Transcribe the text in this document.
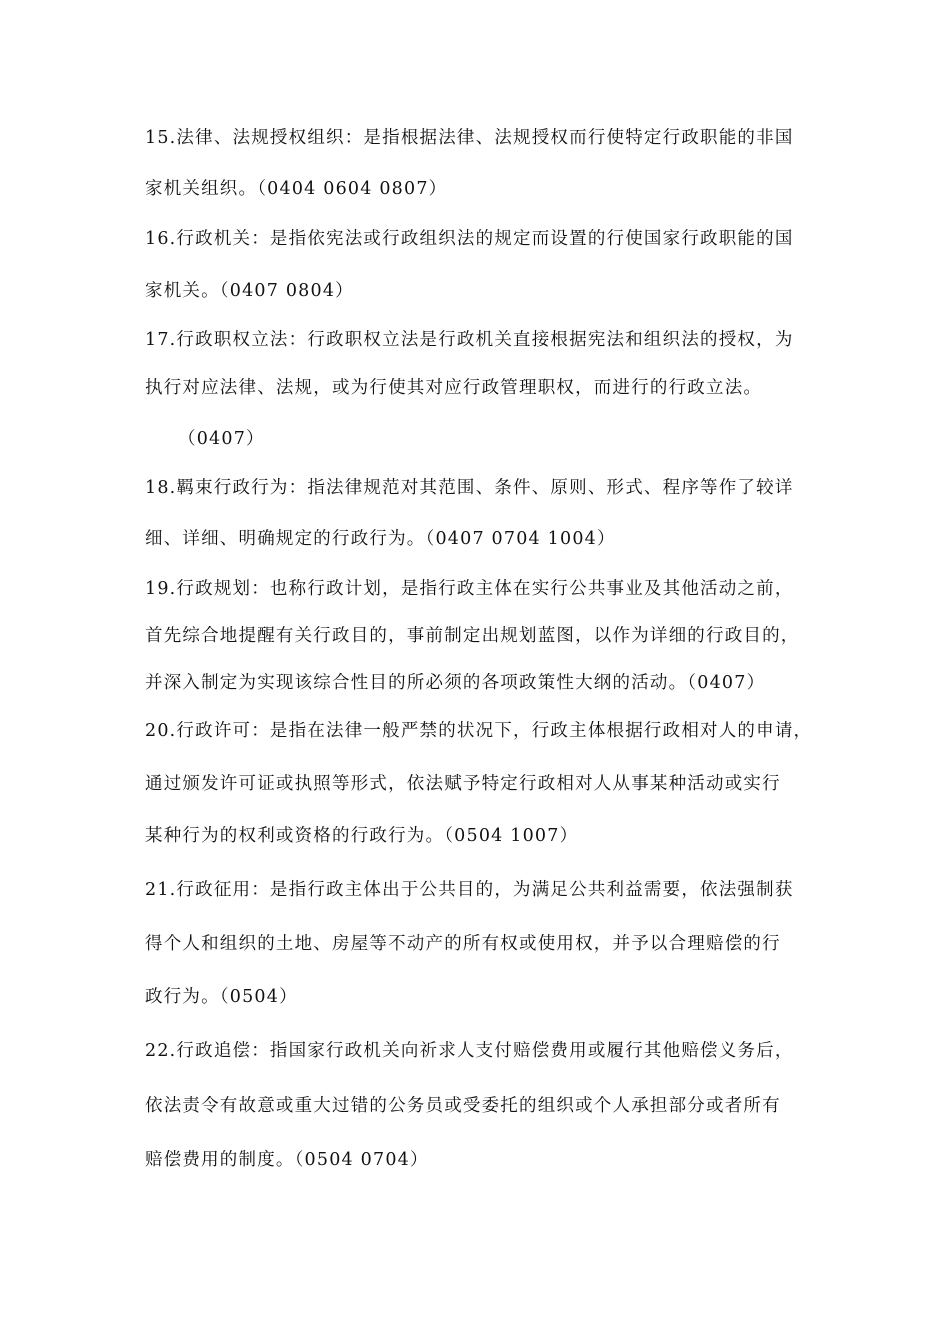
15.法律、法规授权组织：是指根据法律、法规授权而行使特定行政职能的非国
家机关组织。（0404 0604 0807）
16.行政机关：是指依宪法或行政组织法的规定而设置的行使国家行政职能的国
家机关。（0407 0804）
17.行政职权立法：行政职权立法是行政机关直接根据宪法和组织法的授权，为
执行对应法律、法规，或为行使其对应行政管理职权，而进行的行政立法。
（0407）
18.羁束行政行为：指法律规范对其范围、条件、原则、形式、程序等作了较详
细、详细、明确规定的行政行为。（0407 0704 1004）
19.行政规划：也称行政计划，是指行政主体在实行公共事业及其他活动之前，
首先综合地提醒有关行政目的，事前制定出规划蓝图，以作为详细的行政目的，
并深入制定为实现该综合性目的所必须的各项政策性大纲的活动。（0407）
20.行政许可：是指在法律一般严禁的状况下，行政主体根据行政相对人的申请，
通过颁发许可证或执照等形式，依法赋予特定行政相对人从事某种活动或实行
某种行为的权利或资格的行政行为。（0504 1007）
21.行政征用：是指行政主体出于公共目的，为满足公共利益需要，依法强制获
得个人和组织的土地、房屋等不动产的所有权或使用权，并予以合理赔偿的行
政行为。（0504）
22.行政追偿：指国家行政机关向祈求人支付赔偿费用或履行其他赔偿义务后，
依法责令有故意或重大过错的公务员或受委托的组织或个人承担部分或者所有
赔偿费用的制度。（0504 0704）
